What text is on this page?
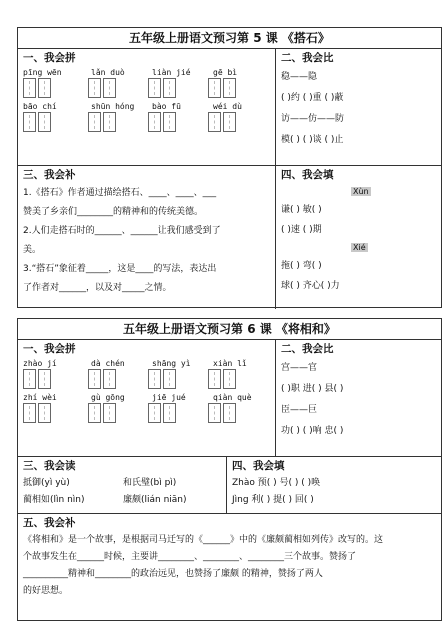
五年级上册语文预习第 5 课 《搭石》
一、我会拼
pīng wēn	lǎn duò	liàn jié	gē bì
bāo chí	shūn hóng	bào fū	wéi dù
二、我会比
稳——隐
( )约 ( )重 ( )蔽
访——仿——防
模( ) ( )谈 ( )止
三、我会补
1.《搭石》作者通过描绘搭石、____、____、___
赞美了乡亲们________的精神和的传统美德。
2.人们走搭石时的______、______让我们感受到了
美。
3.“搭石”象征着_____，这是____的写法，表达出
了作者对______，以及对_____之情。
四、我会填
Xùn
谦( ) 敏( )
( )速 ( )期
Xié
拖( ) 弯( )
球( ) 齐心( )力
五年级上册语文预习第 6 课 《将相和》
一、我会拼
zhào jí	dà chén	shāng yì	xiàn lǐ
zhí wèi	gù gōng	jiē jué	qiàn què
二、我会比
宫——官
( )职 进( ) 县( )
臣——巨
功( ) ( )响 忠( )
三、我会读
抵御(yì yù)	和氏璧(bì pì)
蔺相如(lìn nìn)	廉颇(lián niān)
四、我会填
Zhào 预( ) 号( ) ( )唤
Jìng 利( ) 提( ) 回( )
五、我会补
《将相和》是一个故事，是根据司马迁写的《______》中的《廉颇蔺相如列传》改写的。这
个故事发生在______时候，主要讲________、________、________三个故事。赞扬了
__________精神和________的政治远见，也赞扬了廉颇 的精神，赞扬了两人
的好思想。
